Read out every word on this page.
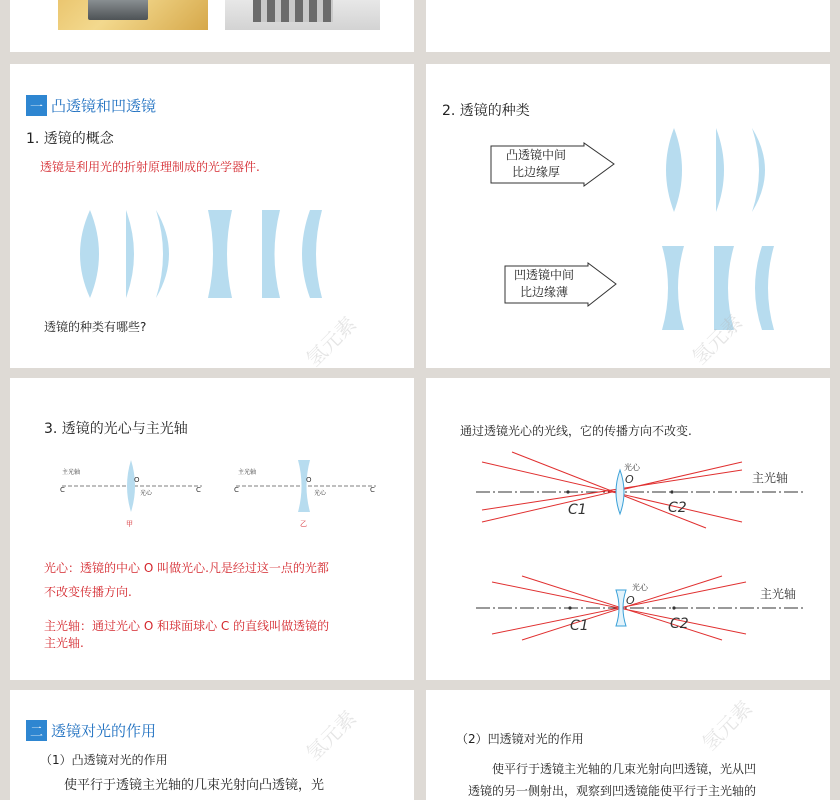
一 凸透镜和凹透镜
1. 透镜的概念
透镜是利用光的折射原理制成的光学器件.
透镜的种类有哪些?	氢元素
2. 透镜的种类
凸透镜中间
比边缘厚
凹透镜中间
比边缘薄
氢元素
3. 透镜的光心与主光轴
主光轴
C	C
O
光心
甲
主光轴
C	C
O
光心
乙
光心：透镜的中心 O 叫做光心.凡是经过这一点的光都
不改变传播方向.
主光轴：通过光心 O 和球面球心 C 的直线叫做透镜的
主光轴.
通过透镜光心的光线，它的传播方向不改变.
光心
O
C1	C2
主光轴
光心
O
C1	C2
主光轴
二 透镜对光的作用
（1）凸透镜对光的作用
使平行于透镜主光轴的几束光射向凸透镜，光
氢元素	（2）凹透镜对光的作用
使平行于透镜主光轴的几束光射向凹透镜，光从凹
透镜的另一侧射出，观察到凹透镜能使平行于主光轴的
氢元素
